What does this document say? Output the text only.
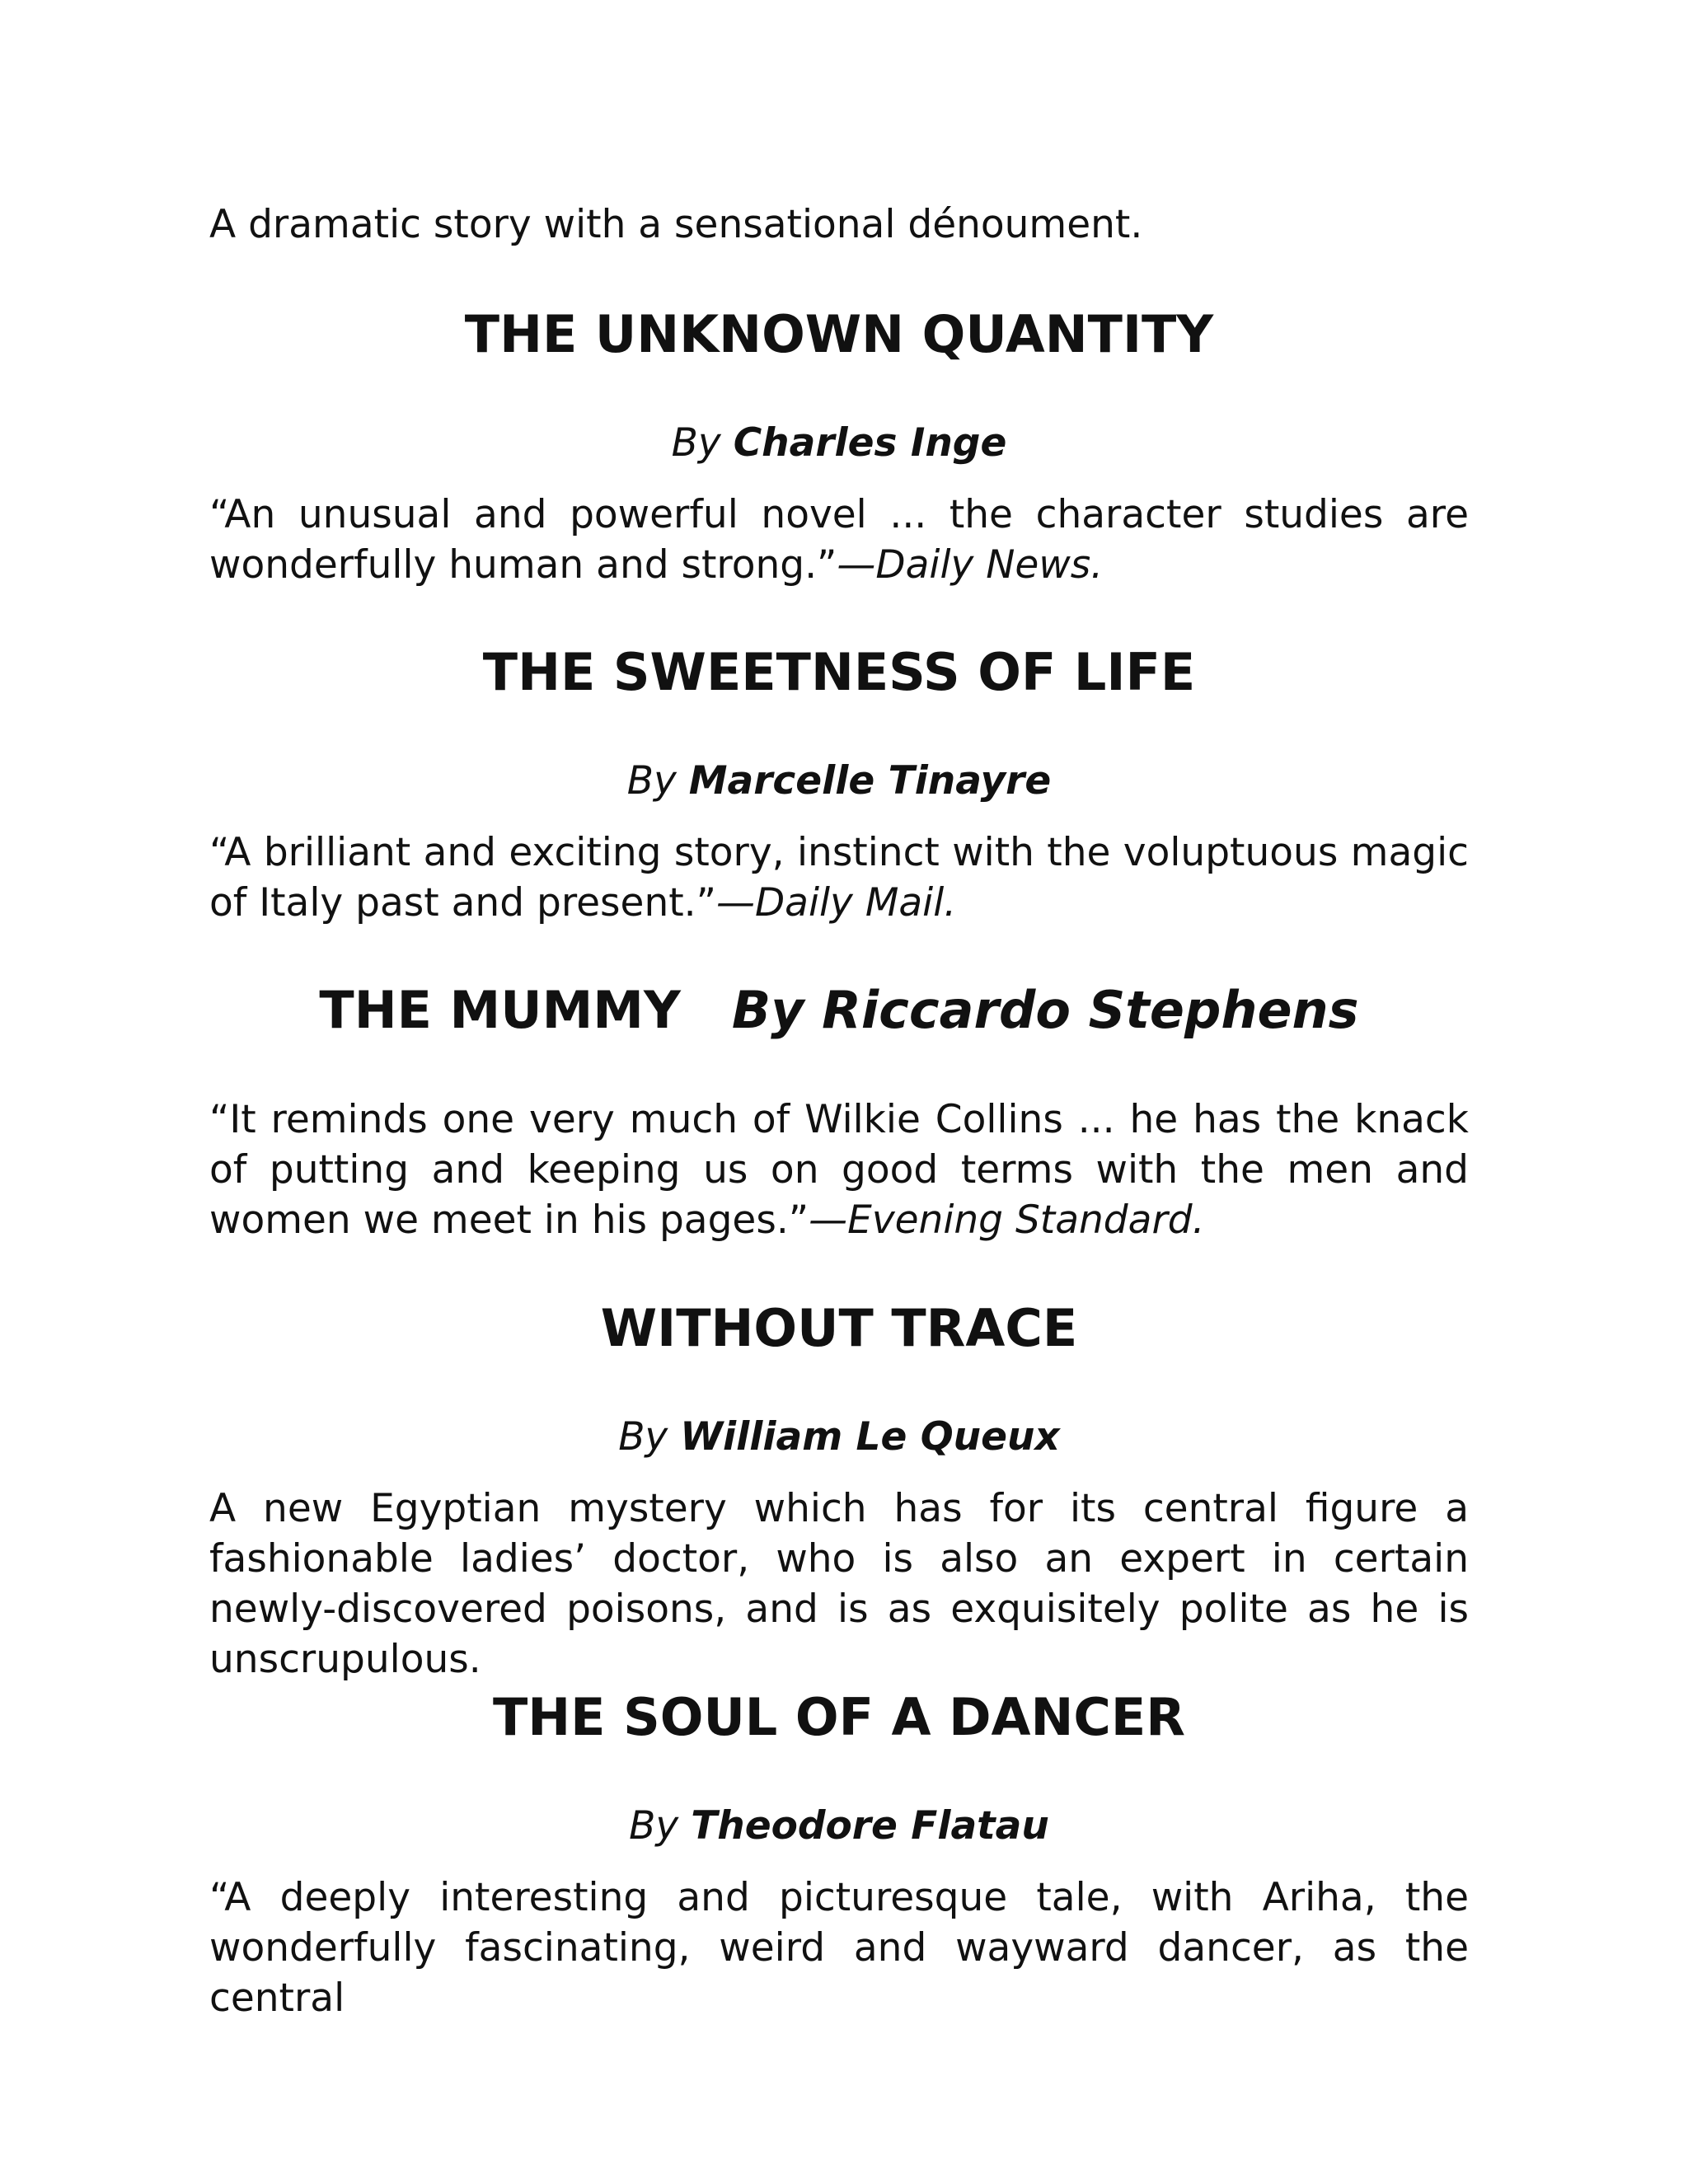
A dramatic story with a sensational dénoument.

THE UNKNOWN QUANTITY

By Charles Inge

“An unusual and powerful novel ... the character studies are wonderfully human and strong.”—Daily News.

THE SWEETNESS OF LIFE

By Marcelle Tinayre

“A brilliant and exciting story, instinct with the voluptuous magic of Italy past and present.”—Daily Mail.

THE MUMMY By Riccardo Stephens

“It reminds one very much of Wilkie Collins ... he has the knack of putting and keeping us on good terms with the men and women we meet in his pages.”—Evening Standard.

WITHOUT TRACE

By William Le Queux

A new Egyptian mystery which has for its central figure a fashionable ladies’ doctor, who is also an expert in certain newly-discovered poisons, and is as exquisitely polite as he is unscrupulous.

THE SOUL OF A DANCER

By Theodore Flatau

“A deeply interesting and picturesque tale, with Ariha, the wonderfully fascinating, weird and wayward dancer, as the central
